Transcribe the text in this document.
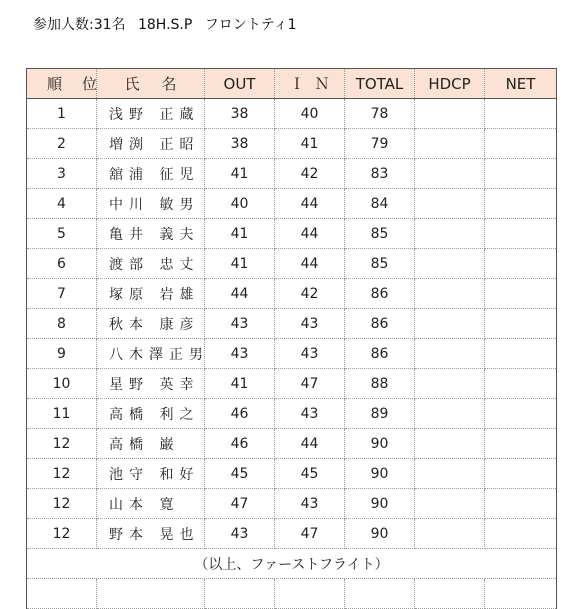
参加人数:31名 18H.S.P フロントティ1
順位	氏名	OUT	ＩＮ	TOTAL	HDCP	NET
1	浅野 正蔵	38	40	78		
2	増渕 正昭	38	41	79		
3	舘浦 征児	41	42	83		
4	中川 敏男	40	44	84		
5	亀井 義夫	41	44	85		
6	渡部 忠丈	41	44	85		
7	塚原 岩雄	44	42	86		
8	秋本 康彦	43	43	86		
9	八木澤正男	43	43	86		
10	星野 英幸	41	47	88		
11	高橋 利之	46	43	89		
12	高橋 巌	46	44	90		
12	池守 和好	45	45	90		
12	山本 寛	47	43	90		
12	野本 晃也	43	47	90		
（以上、ファーストフライト）						
